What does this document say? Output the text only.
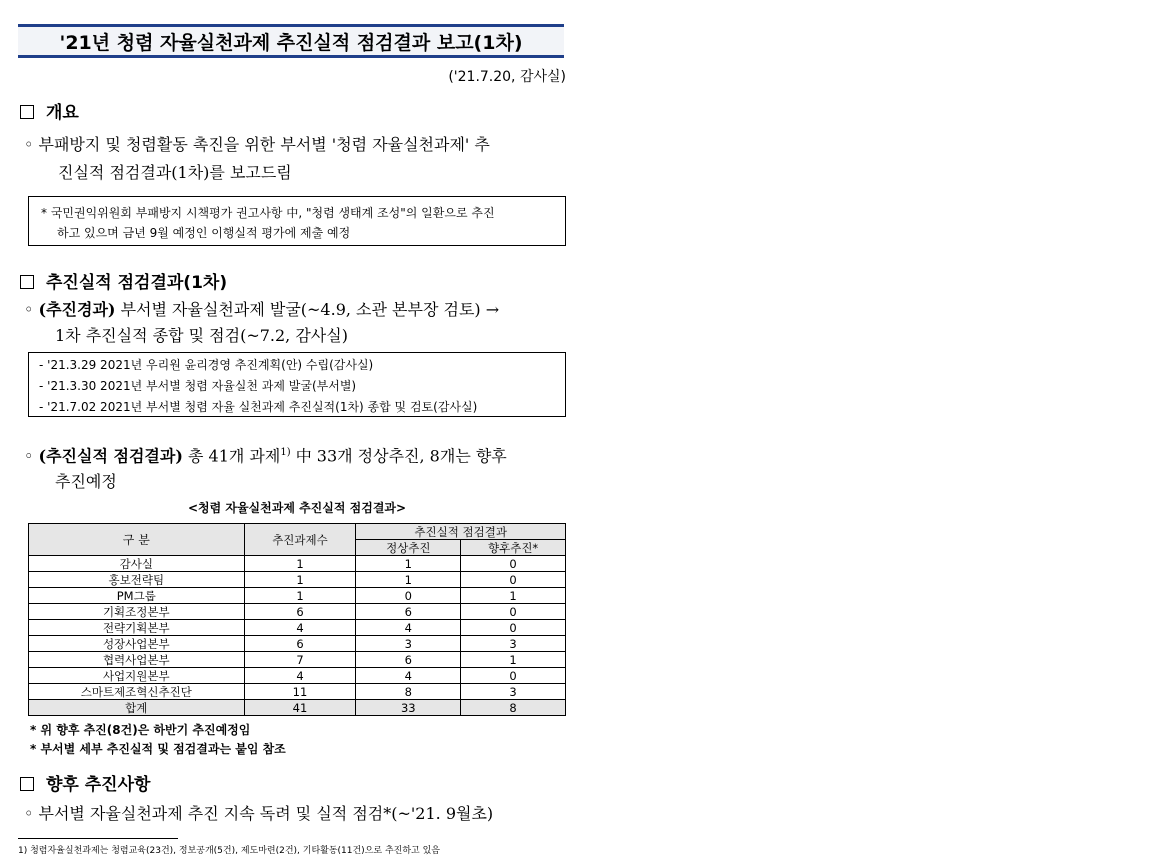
'21년 청렴 자율실천과제 추진실적 점검결과 보고(1차)
('21.7.20, 감사실)
개요
◦ 부패방지 및 청렴활동 촉진을 위한 부서별 '청렴 자율실천과제' 추
진실적 점검결과(1차)를 보고드림
* 국민권익위원회 부패방지 시책평가 권고사항 中, "청렴 생태계 조성"의 일환으로 추진
하고 있으며 금년 9월 예정인 이행실적 평가에 제출 예정
추진실적 점검결과(1차)
◦ (추진경과) 부서별 자율실천과제 발굴(~4.9, 소관 본부장 검토) →
1차 추진실적 종합 및 점검(~7.2, 감사실)
- '21.3.29 2021년 우리원 윤리경영 추진계획(안) 수립(감사실)
- '21.3.30 2021년 부서별 청렴 자율실천 과제 발굴(부서별)
- '21.7.02 2021년 부서별 청렴 자율 실천과제 추진실적(1차) 종합 및 검토(감사실)
◦ (추진실적 점검결과) 총 41개 과제$^{1)}$ 中 33개 정상추진, 8개는 향후
추진예정
<청렴 자율실천과제 추진실적 점검결과>
구 분	추진과제수	추진실적 점검결과	
		정상추진	향후추진*
감사실	1	1	0
홍보전략팀	1	1	0
PM그룹	1	0	1
기획조정본부	6	6	0
전략기획본부	4	4	0
성장사업본부	6	3	3
협력사업본부	7	6	1
사업지원본부	4	4	0
스마트제조혁신추진단	11	8	3
합계	41	33	8
* 위 향후 추진(8건)은 하반기 추진예정임
* 부서별 세부 추진실적 및 점검결과는 붙임 참조
향후 추진사항
◦ 부서별 자율실천과제 추진 지속 독려 및 실적 점검*(~'21. 9월초)
1) 청렴자율실천과제는 청렴교육(23건), 정보공개(5건), 제도마련(2건), 기타활동(11건)으로 추진하고 있음
